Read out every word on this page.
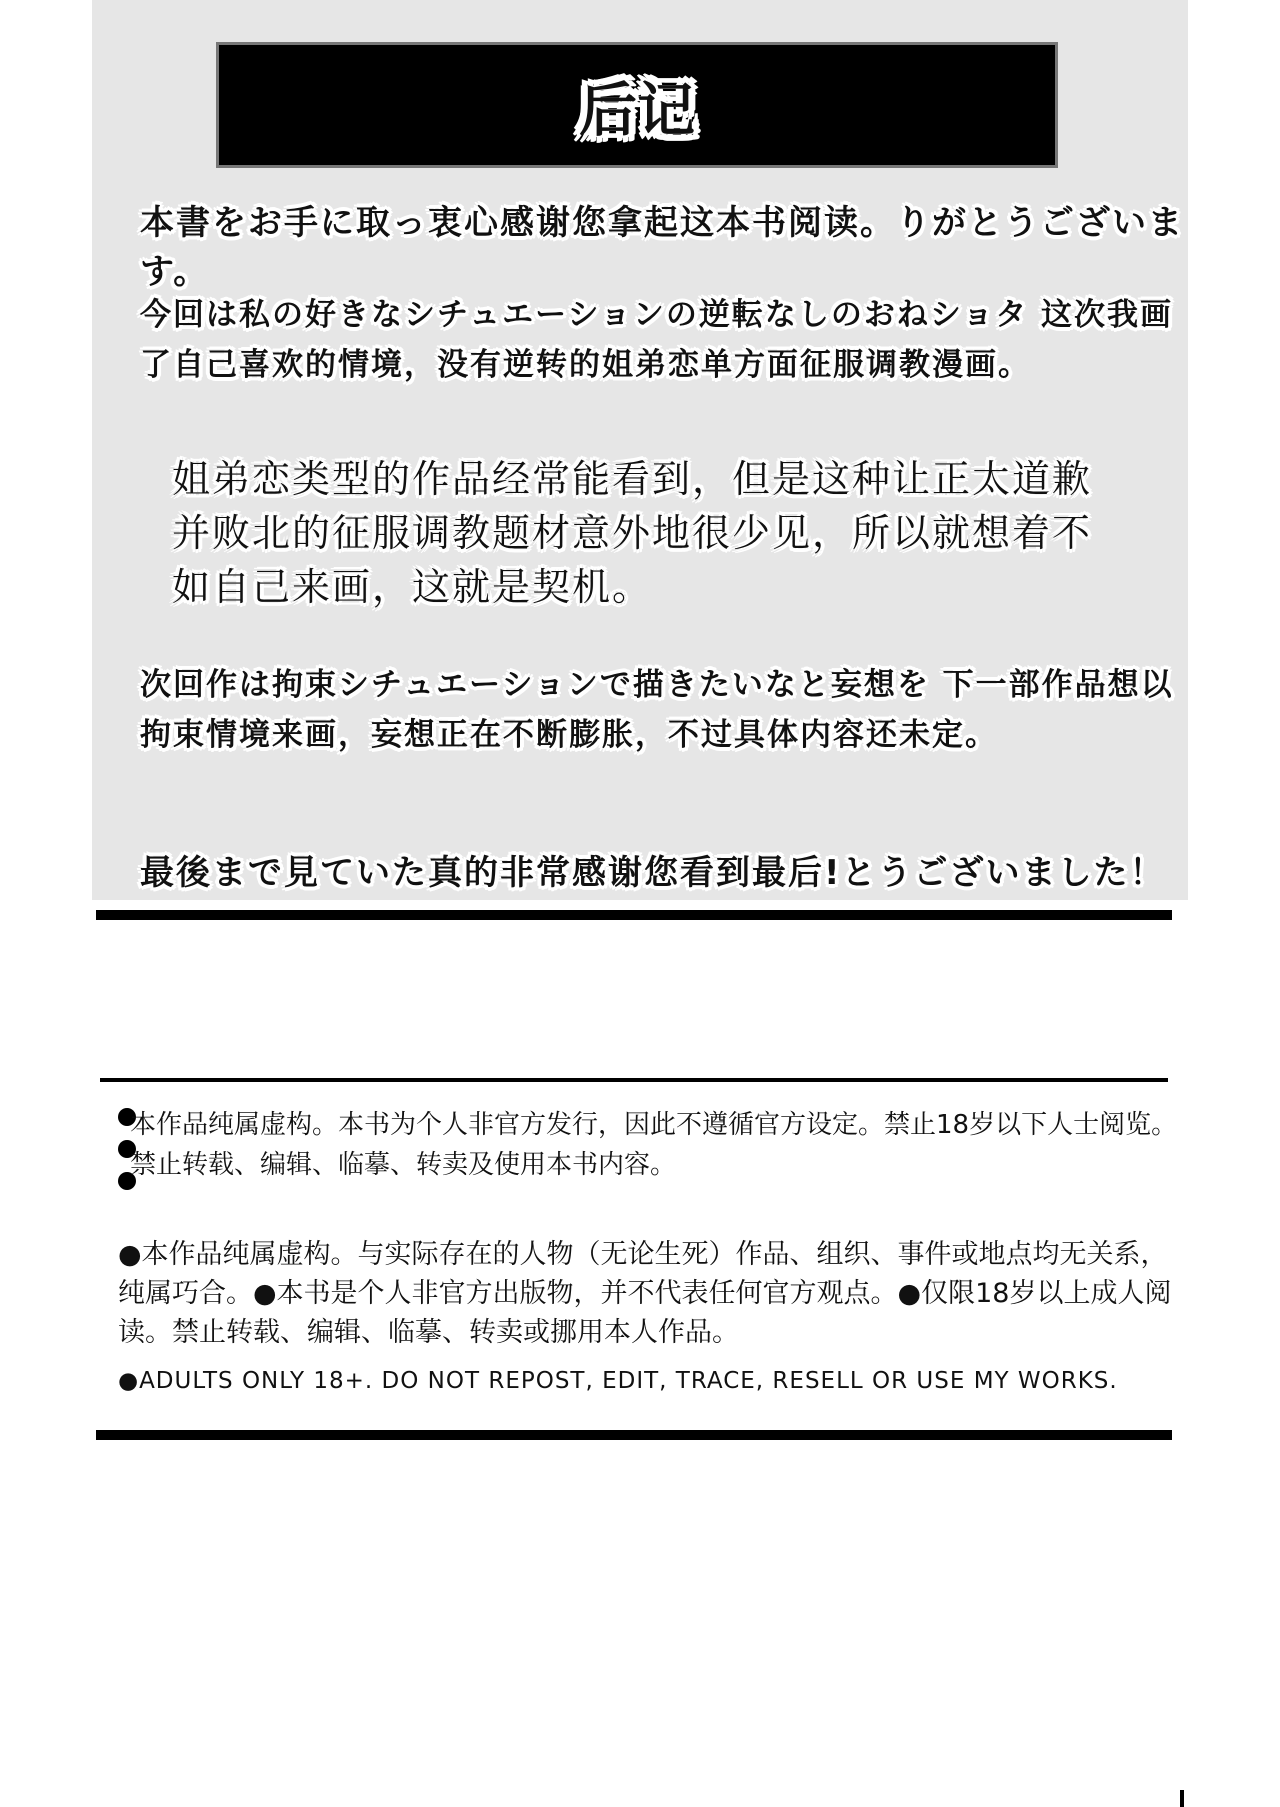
后记
本書をお手に取っ衷心感谢您拿起这本书阅读。りがとうございます。
今回は私の好きなシチュエーションの逆転なしのおねショタ 这次我画了自己喜欢的情境，没有逆转的姐弟恋单方面征服调教漫画。
姐弟恋类型的作品经常能看到，但是这种让正太道歉并败北的征服调教题材意外地很少见，所以就想着不如自己来画，这就是契机。
次回作は拘束シチュエーションで描きたいなと妄想を 下一部作品想以拘束情境来画，妄想正在不断膨胀，不过具体内容还未定。
最後まで見ていた真的非常感谢您看到最后!とうございました！
本作品纯属虚构。本书为个人非官方发行，因此不遵循官方设定。禁止18岁以下人士阅览。禁止转载、编辑、临摹、转卖及使用本书内容。
●本作品纯属虚构。与实际存在的人物（无论生死）作品、组织、事件或地点均无关系，纯属巧合。●本书是个人非官方出版物，并不代表任何官方观点。●仅限18岁以上成人阅读。禁止转载、编辑、临摹、转卖或挪用本人作品。
●ADULTS ONLY 18+. DO NOT REPOST, EDIT, TRACE, RESELL OR USE MY WORKS.
